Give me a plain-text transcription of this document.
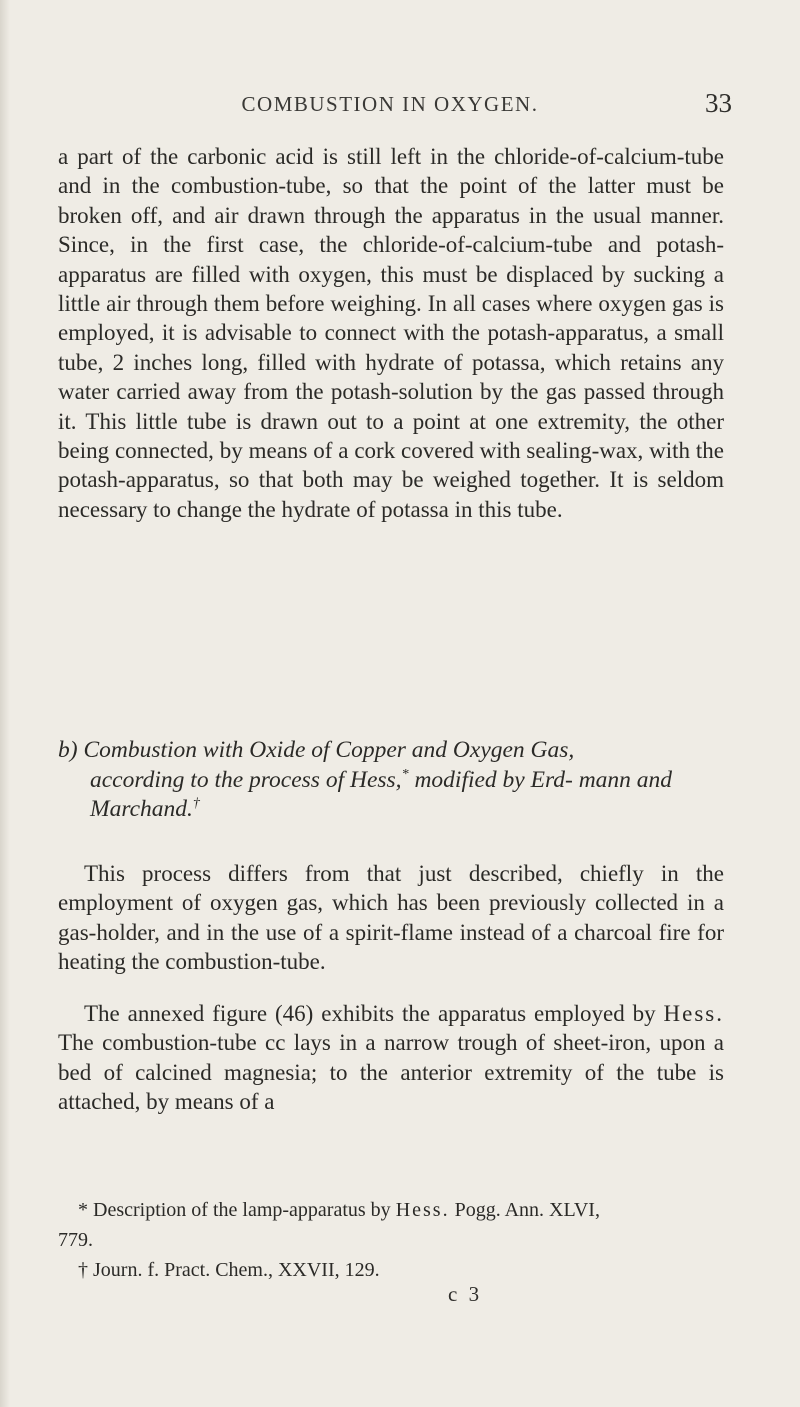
COMBUSTION IN OXYGEN.	33

a part of the carbonic acid is still left in the chloride-of-calcium-tube and in the combustion-tube, so that the point of the latter must be broken off, and air drawn through the apparatus in the usual manner. Since, in the first case, the chloride-of-calcium-tube and potash-apparatus are filled with oxygen, this must be displaced by sucking a little air through them before weighing. In all cases where oxygen gas is employed, it is advisable to connect with the potash-apparatus, a small tube, 2 inches long, filled with hydrate of potassa, which retains any water carried away from the potash-solution by the gas passed through it. This little tube is drawn out to a point at one extremity, the other being connected, by means of a cork covered with sealing-wax, with the potash-apparatus, so that both may be weighed together. It is seldom necessary to change the hydrate of potassa in this tube.

b) Combustion with Oxide of Copper and Oxygen Gas,
according to the process of Hess,* modified by Erd- mann and Marchand.†

This process differs from that just described, chiefly in the employment of oxygen gas, which has been previously collected in a gas-holder, and in the use of a spirit-flame instead of a charcoal fire for heating the combustion-tube.

The annexed figure (46) exhibits the apparatus employed by Hess. The combustion-tube cc lays in a narrow trough of sheet-iron, upon a bed of calcined magnesia; to the anterior extremity of the tube is attached, by means of a

* Description of the lamp-apparatus by Hess. Pogg. Ann. XLVI,
779.
† Journ. f. Pract. Chem., XXVII, 129.
c 3
